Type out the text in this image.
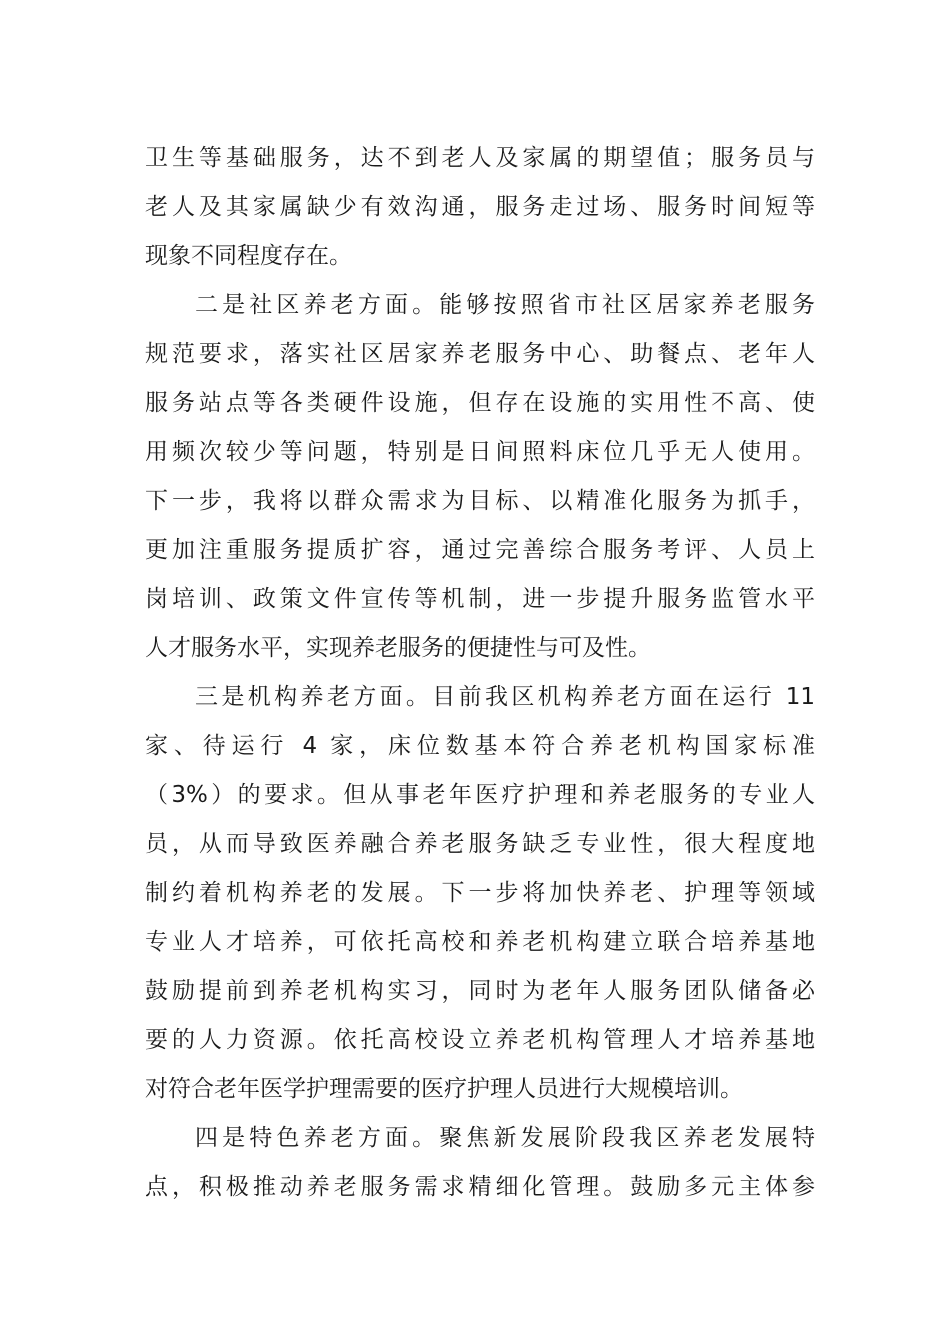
卫生等基础服务，达不到老人及家属的期望值；服务员与
老人及其家属缺少有效沟通，服务走过场、服务时间短等
现象不同程度存在。
二是社区养老方面。能够按照省市社区居家养老服务
规范要求，落实社区居家养老服务中心、助餐点、老年人
服务站点等各类硬件设施，但存在设施的实用性不高、使
用频次较少等问题，特别是日间照料床位几乎无人使用。
下一步，我将以群众需求为目标、以精准化服务为抓手，
更加注重服务提质扩容，通过完善综合服务考评、人员上
岗培训、政策文件宣传等机制，进一步提升服务监管水平
人才服务水平，实现养老服务的便捷性与可及性。
三是机构养老方面。目前我区机构养老方面在运行 11
家、待运行 4 家，床位数基本符合养老机构国家标准
（3%）的要求。但从事老年医疗护理和养老服务的专业人
员，从而导致医养融合养老服务缺乏专业性，很大程度地
制约着机构养老的发展。下一步将加快养老、护理等领域
专业人才培养，可依托高校和养老机构建立联合培养基地
鼓励提前到养老机构实习，同时为老年人服务团队储备必
要的人力资源。依托高校设立养老机构管理人才培养基地
对符合老年医学护理需要的医疗护理人员进行大规模培训。
四是特色养老方面。聚焦新发展阶段我区养老发展特
点，积极推动养老服务需求精细化管理。鼓励多元主体参
